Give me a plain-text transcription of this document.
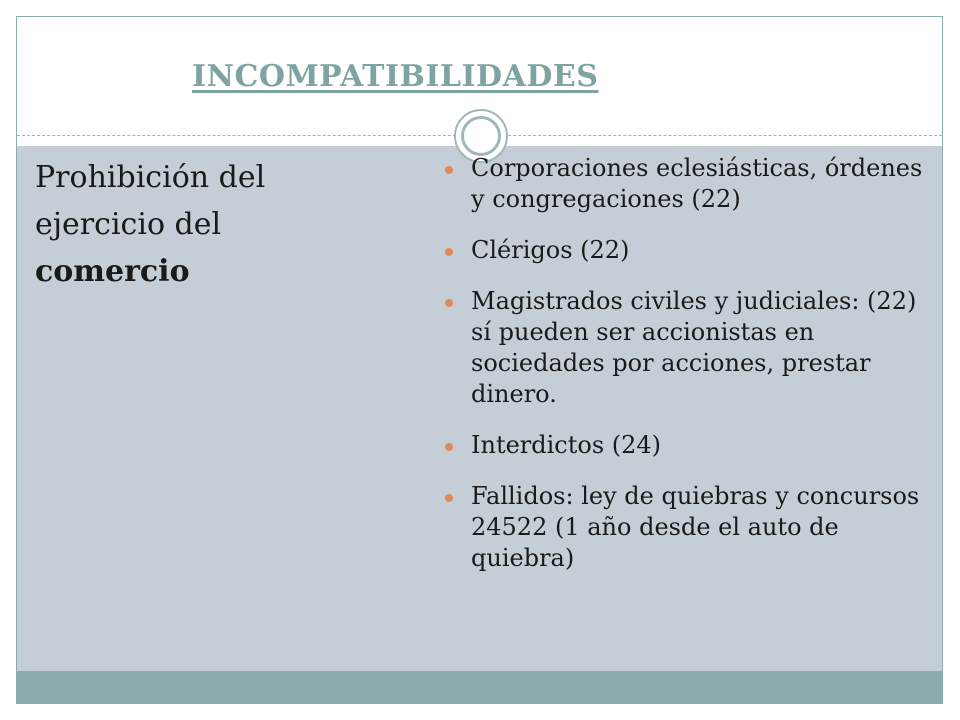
INCOMPATIBILIDADES
Prohibición del
ejercicio del
comercio
Corporaciones eclesiásticas, órdenes y congregaciones (22)
Clérigos (22)
Magistrados civiles y judiciales: (22) sí pueden ser accionistas en sociedades por acciones, prestar dinero.
Interdictos (24)
Fallidos: ley de quiebras y concursos 24522 (1 año desde el auto de quiebra)
